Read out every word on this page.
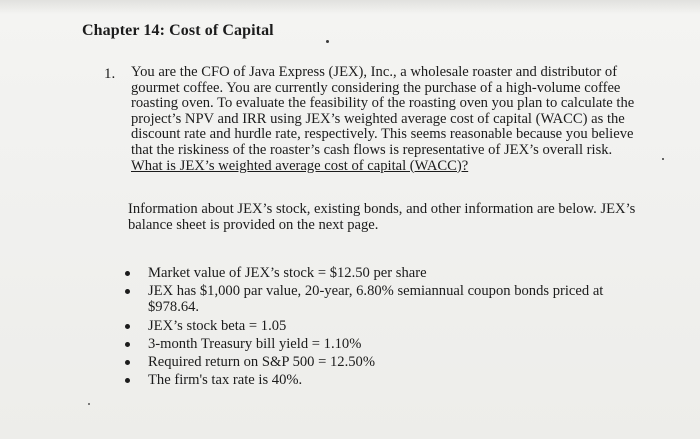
Chapter 14: Cost of Capital
1. You are the CFO of Java Express (JEX), Inc., a wholesale roaster and distributor of gourmet coffee. You are currently considering the purchase of a high-volume coffee roasting oven. To evaluate the feasibility of the roasting oven you plan to calculate the project’s NPV and IRR using JEX’s weighted average cost of capital (WACC) as the discount rate and hurdle rate, respectively. This seems reasonable because you believe that the riskiness of the roaster’s cash flows is representative of JEX’s overall risk.
What is JEX’s weighted average cost of capital (WACC)?

Information about JEX’s stock, existing bonds, and other information are below. JEX’s balance sheet is provided on the next page.

Market value of JEX’s stock = $12.50 per share
JEX has $1,000 par value, 20-year, 6.80% semiannual coupon bonds priced at $978.64.
JEX’s stock beta = 1.05
3-month Treasury bill yield = 1.10%
Required return on S&P 500 = 12.50%
The firm's tax rate is 40%.
